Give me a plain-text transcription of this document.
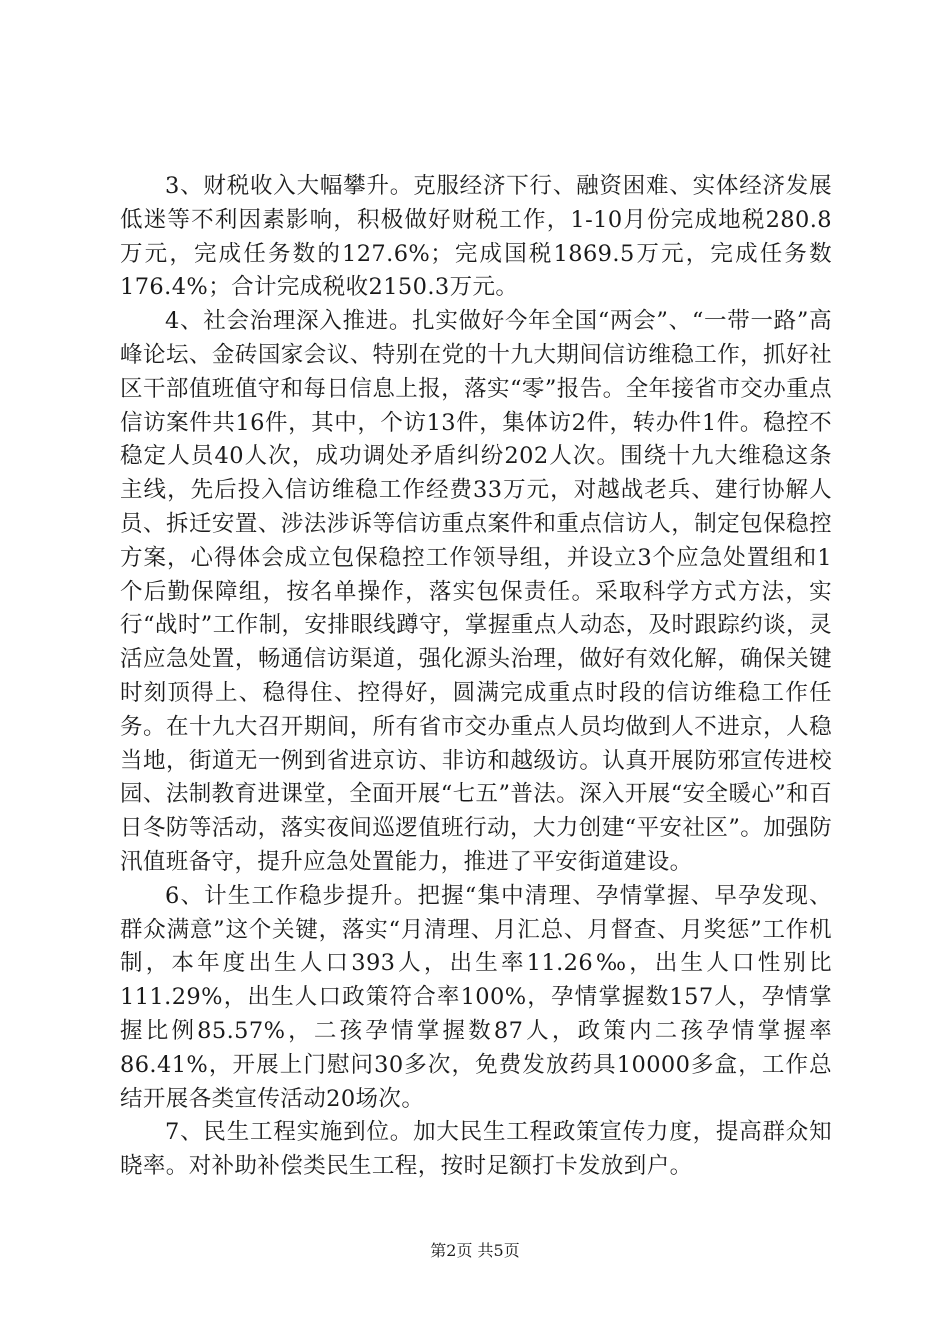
3、财税收入大幅攀升。克服经济下行、融资困难、实体经济发展低迷等不利因素影响，积极做好财税工作，1-10月份完成地税280.8万元，完成任务数的127.6%；完成国税1869.5万元，完成任务数176.4%；合计完成税收2150.3万元。

4、社会治理深入推进。扎实做好今年全国“两会”、“一带一路”高峰论坛、金砖国家会议、特别在党的十九大期间信访维稳工作，抓好社区干部值班值守和每日信息上报，落实“零”报告。全年接省市交办重点信访案件共16件，其中，个访13件，集体访2件，转办件1件。稳控不稳定人员40人次，成功调处矛盾纠纷202人次。围绕十九大维稳这条主线，先后投入信访维稳工作经费33万元，对越战老兵、建行协解人员、拆迁安置、涉法涉诉等信访重点案件和重点信访人，制定包保稳控方案，心得体会成立包保稳控工作领导组，并设立3个应急处置组和1个后勤保障组，按名单操作，落实包保责任。采取科学方式方法，实行“战时”工作制，安排眼线蹲守，掌握重点人动态，及时跟踪约谈，灵活应急处置，畅通信访渠道，强化源头治理，做好有效化解，确保关键时刻顶得上、稳得住、控得好，圆满完成重点时段的信访维稳工作任务。在十九大召开期间，所有省市交办重点人员均做到人不进京，人稳当地，街道无一例到省进京访、非访和越级访。认真开展防邪宣传进校园、法制教育进课堂，全面开展“七五”普法。深入开展“安全暖心”和百日冬防等活动，落实夜间巡逻值班行动，大力创建“平安社区”。加强防汛值班备守，提升应急处置能力，推进了平安街道建设。

6、计生工作稳步提升。把握“集中清理、孕情掌握、早孕发现、群众满意”这个关键，落实“月清理、月汇总、月督查、月奖惩”工作机制，本年度出生人口393人，出生率11.26‰，出生人口性别比111.29%，出生人口政策符合率100%，孕情掌握数157人，孕情掌握比例85.57%，二孩孕情掌握数87人，政策内二孩孕情掌握率86.41%，开展上门慰问30多次，免费发放药具10000多盒，工作总结开展各类宣传活动20场次。

7、民生工程实施到位。加大民生工程政策宣传力度，提高群众知晓率。对补助补偿类民生工程，按时足额打卡发放到户。

第2页 共5页
